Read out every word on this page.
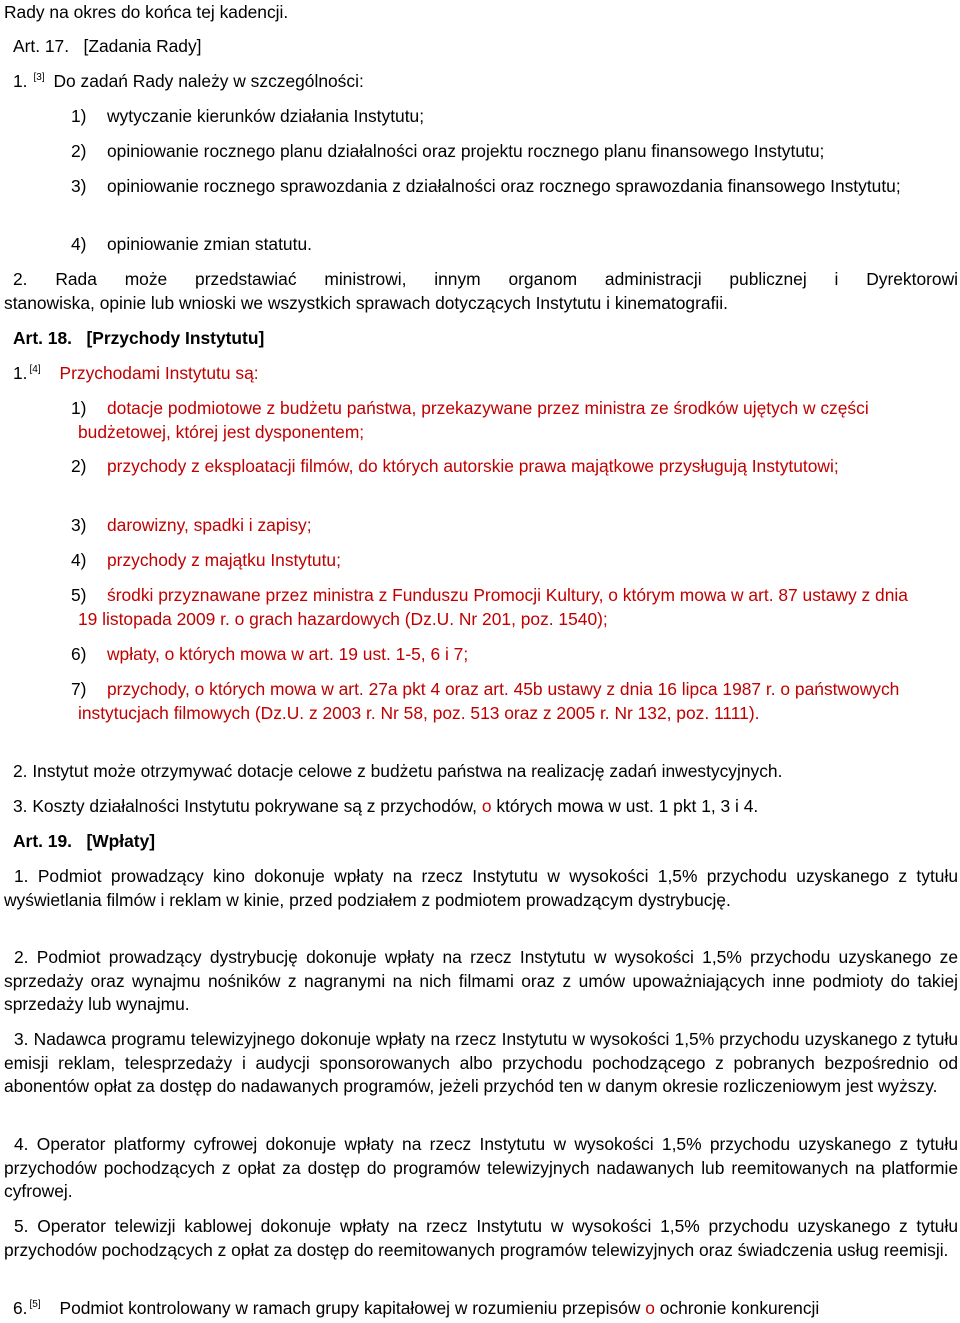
Rady na okres do końca tej kadencji.
Art. 17.   [Zadania Rady]
1. [3] Do zadań Rady należy w szczególności:
1)	wytyczanie kierunków działania Instytutu;
2)	opiniowanie rocznego planu działalności oraz projektu rocznego planu finansowego Instytutu;
3)	opiniowanie rocznego sprawozdania z działalności oraz rocznego sprawozdania finansowego Instytutu;
4)	opiniowanie zmian statutu.
2. Rada może przedstawiać ministrowi, innym organom administracji publicznej i Dyrektorowi
stanowiska, opinie lub wnioski we wszystkich sprawach dotyczących Instytutu i kinematografii.
Art. 18.   [Przychody Instytutu]
1. [4] Przychodami Instytutu są:
1)	dotacje podmiotowe z budżetu państwa, przekazywane przez ministra ze środków ujętych w części budżetowej, której jest dysponentem;
2)	przychody z eksploatacji filmów, do których autorskie prawa majątkowe przysługują Instytutowi;
3)	darowizny, spadki i zapisy;
4)	przychody z majątku Instytutu;
5)	środki przyznawane przez ministra z Funduszu Promocji Kultury, o którym mowa w art. 87 ustawy z dnia 19 listopada 2009 r. o grach hazardowych (Dz.U. Nr 201, poz. 1540);
6)	wpłaty, o których mowa w art. 19 ust. 1-5, 6 i 7;
7)	przychody, o których mowa w art. 27a pkt 4 oraz art. 45b ustawy z dnia 16 lipca 1987 r. o państwowych instytucjach filmowych (Dz.U. z 2003 r. Nr 58, poz. 513 oraz z 2005 r. Nr 132, poz. 1111).
2. Instytut może otrzymywać dotacje celowe z budżetu państwa na realizację zadań inwestycyjnych.
3. Koszty działalności Instytutu pokrywane są z przychodów, o których mowa w ust. 1 pkt 1, 3 i 4.
Art. 19.   [Wpłaty]
1. Podmiot prowadzący kino dokonuje wpłaty na rzecz Instytutu w wysokości 1,5% przychodu uzyskanego z tytułu wyświetlania filmów i reklam w kinie, przed podziałem z podmiotem prowadzącym dystrybucję.
2. Podmiot prowadzący dystrybucję dokonuje wpłaty na rzecz Instytutu w wysokości 1,5% przychodu uzyskanego ze sprzedaży oraz wynajmu nośników z nagranymi na nich filmami oraz z umów upoważniających inne podmioty do takiej sprzedaży lub wynajmu.
3. Nadawca programu telewizyjnego dokonuje wpłaty na rzecz Instytutu w wysokości 1,5% przychodu uzyskanego z tytułu emisji reklam, telesprzedaży i audycji sponsorowanych albo przychodu pochodzącego z pobranych bezpośrednio od abonentów opłat za dostęp do nadawanych programów, jeżeli przychód ten w danym okresie rozliczeniowym jest wyższy.
4. Operator platformy cyfrowej dokonuje wpłaty na rzecz Instytutu w wysokości 1,5% przychodu uzyskanego z tytułu przychodów pochodzących z opłat za dostęp do programów telewizyjnych nadawanych lub reemitowanych na platformie cyfrowej.
5. Operator telewizji kablowej dokonuje wpłaty na rzecz Instytutu w wysokości 1,5% przychodu uzyskanego z tytułu przychodów pochodzących z opłat za dostęp do reemitowanych programów telewizyjnych oraz świadczenia usług reemisji.
6. [5] Podmiot kontrolowany w ramach grupy kapitałowej w rozumieniu przepisów o ochronie konkurencji
